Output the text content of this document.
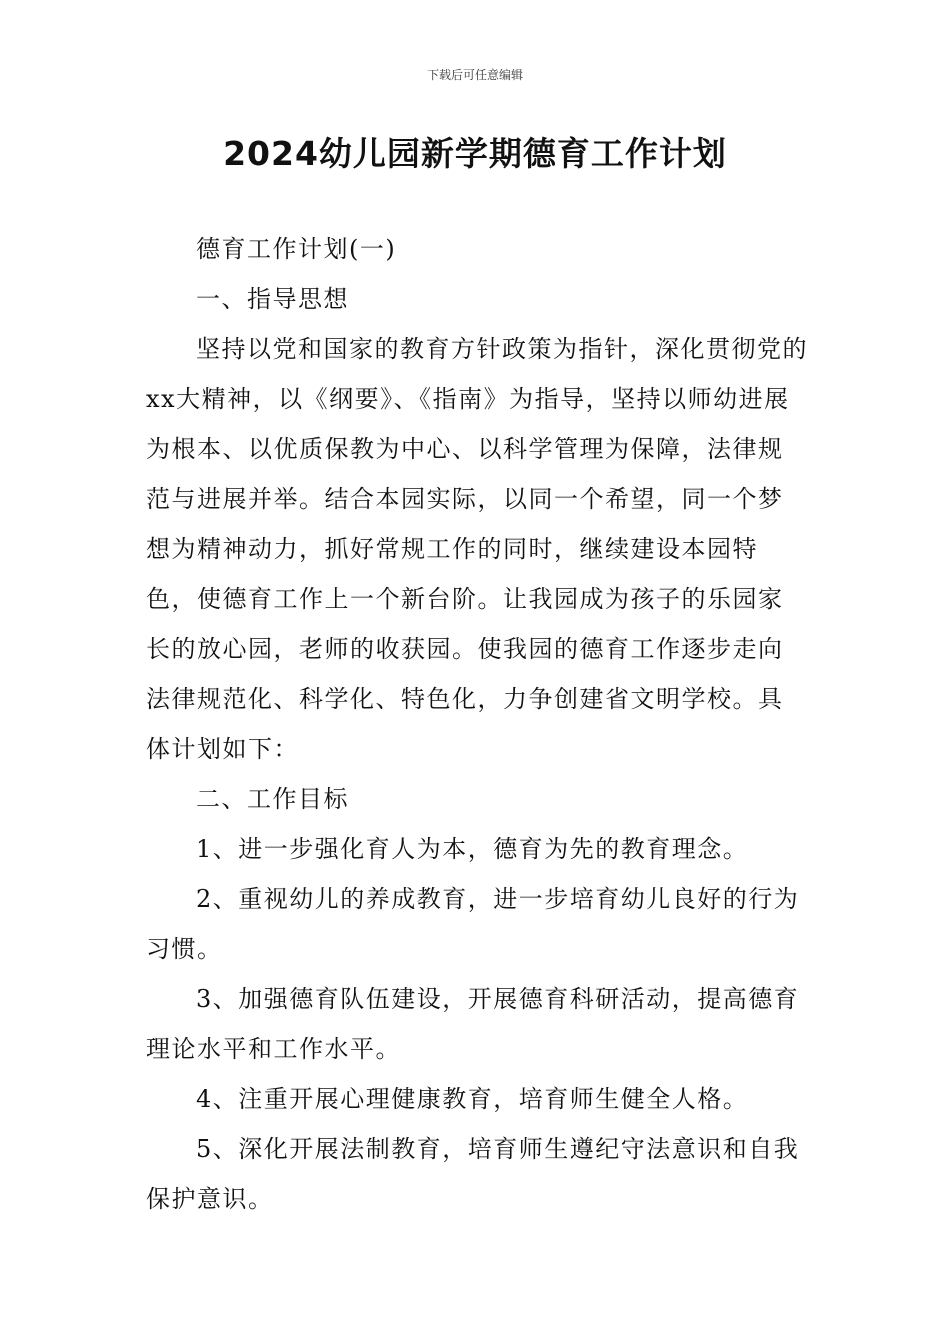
下载后可任意编辑
2024幼儿园新学期德育工作计划

德育工作计划(一)

一、指导思想

坚持以党和国家的教育方针政策为指针，深化贯彻党的xx大精神，以《纲要》、《指南》为指导，坚持以师幼进展为根本、以优质保教为中心、以科学管理为保障，法律规范与进展并举。结合本园实际，以同一个希望，同一个梦想为精神动力，抓好常规工作的同时，继续建设本园特色，使德育工作上一个新台阶。让我园成为孩子的乐园家长的放心园，老师的收获园。使我园的德育工作逐步走向法律规范化、科学化、特色化，力争创建省文明学校。具体计划如下：

二、工作目标

1、进一步强化育人为本，德育为先的教育理念。

2、重视幼儿的养成教育，进一步培育幼儿良好的行为习惯。

3、加强德育队伍建设，开展德育科研活动，提高德育理论水平和工作水平。

4、注重开展心理健康教育，培育师生健全人格。

5、深化开展法制教育，培育师生遵纪守法意识和自我保护意识。
